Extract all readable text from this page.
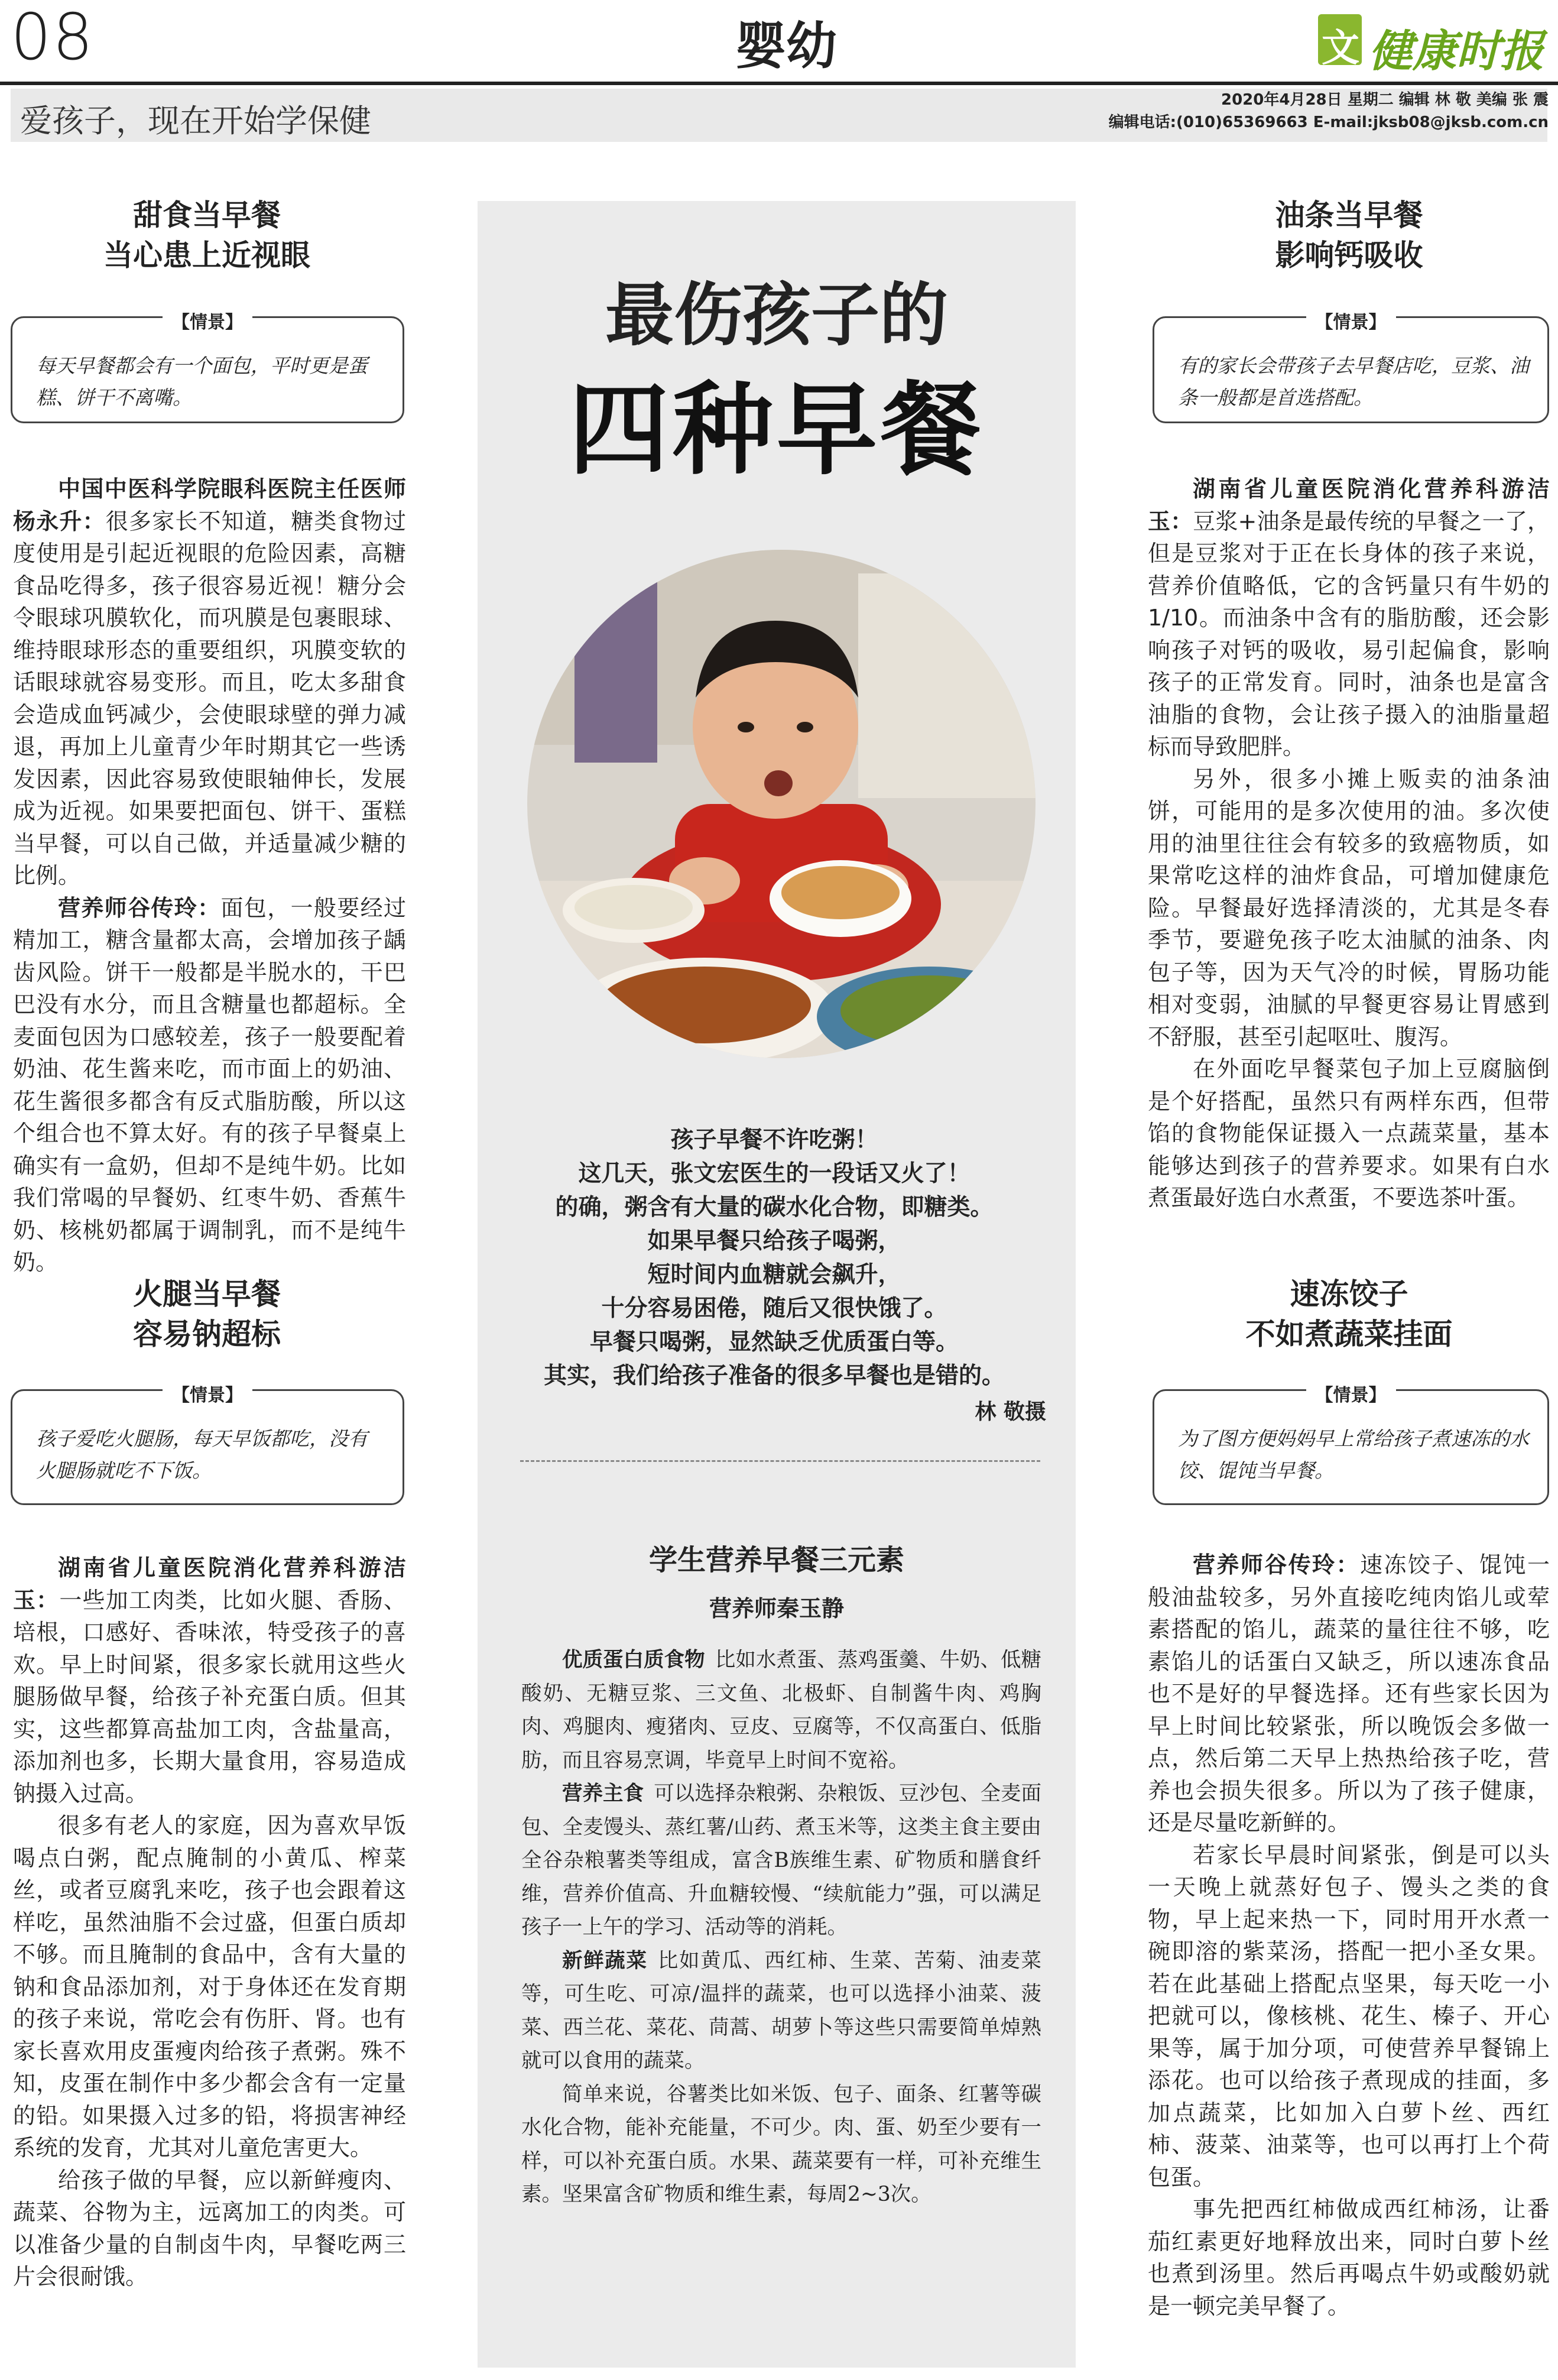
08	婴幼	文 健康时报
爱孩子，现在开始学保健
2020年4月28日 星期二 编辑 林 敬 美编 张 震
编辑电话:(010)65369663 E-mail:jksb08@jksb.com.cn
甜食当早餐
当心患上近视眼
【情景】
每天早餐都会有一个面包，平时更是蛋糕、饼干不离嘴。

中国中医科学院眼科医院主任医师杨永升：很多家长不知道，糖类食物过度使用是引起近视眼的危险因素，高糖食品吃得多，孩子很容易近视！糖分会令眼球巩膜软化，而巩膜是包裹眼球、维持眼球形态的重要组织，巩膜变软的话眼球就容易变形。而且，吃太多甜食会造成血钙减少，会使眼球壁的弹力减退，再加上儿童青少年时期其它一些诱发因素，因此容易致使眼轴伸长，发展成为近视。如果要把面包、饼干、蛋糕当早餐，可以自己做，并适量减少糖的比例。

营养师谷传玲：面包，一般要经过精加工，糖含量都太高，会增加孩子龋齿风险。饼干一般都是半脱水的，干巴巴没有水分，而且含糖量也都超标。全麦面包因为口感较差，孩子一般要配着奶油、花生酱来吃，而市面上的奶油、花生酱很多都含有反式脂肪酸，所以这个组合也不算太好。有的孩子早餐桌上确实有一盒奶，但却不是纯牛奶。比如我们常喝的早餐奶、红枣牛奶、香蕉牛奶、核桃奶都属于调制乳，而不是纯牛奶。

火腿当早餐
容易钠超标
【情景】
孩子爱吃火腿肠，每天早饭都吃，没有火腿肠就吃不下饭。

湖南省儿童医院消化营养科游洁玉：一些加工肉类，比如火腿、香肠、培根，口感好、香味浓，特受孩子的喜欢。早上时间紧，很多家长就用这些火腿肠做早餐，给孩子补充蛋白质。但其实，这些都算高盐加工肉，含盐量高，添加剂也多，长期大量食用，容易造成钠摄入过高。

很多有老人的家庭，因为喜欢早饭喝点白粥，配点腌制的小黄瓜、榨菜丝，或者豆腐乳来吃，孩子也会跟着这样吃，虽然油脂不会过盛，但蛋白质却不够。而且腌制的食品中，含有大量的钠和食品添加剂，对于身体还在发育期的孩子来说，常吃会有伤肝、肾。也有家长喜欢用皮蛋瘦肉给孩子煮粥。殊不知，皮蛋在制作中多少都会含有一定量的铅。如果摄入过多的铅，将损害神经系统的发育，尤其对儿童危害更大。

给孩子做的早餐，应以新鲜瘦肉、蔬菜、谷物为主，远离加工的肉类。可以准备少量的自制卤牛肉，早餐吃两三片会很耐饿。

最伤孩子的
四种早餐
孩子早餐不许吃粥！
这几天，张文宏医生的一段话又火了！
的确，粥含有大量的碳水化合物，即糖类。
如果早餐只给孩子喝粥，
短时间内血糖就会飙升，
十分容易困倦，随后又很快饿了。
早餐只喝粥，显然缺乏优质蛋白等。
其实，我们给孩子准备的很多早餐也是错的。
林 敬摄
学生营养早餐三元素
营养师秦玉静

优质蛋白质食物 比如水煮蛋、蒸鸡蛋羹、牛奶、低糖酸奶、无糖豆浆、三文鱼、北极虾、自制酱牛肉、鸡胸肉、鸡腿肉、瘦猪肉、豆皮、豆腐等，不仅高蛋白、低脂肪，而且容易烹调，毕竟早上时间不宽裕。

营养主食 可以选择杂粮粥、杂粮饭、豆沙包、全麦面包、全麦馒头、蒸红薯/山药、煮玉米等，这类主食主要由全谷杂粮薯类等组成，富含B族维生素、矿物质和膳食纤维，营养价值高、升血糖较慢、“续航能力”强，可以满足孩子一上午的学习、活动等的消耗。

新鲜蔬菜 比如黄瓜、西红柿、生菜、苦菊、油麦菜等，可生吃、可凉/温拌的蔬菜，也可以选择小油菜、菠菜、西兰花、菜花、茼蒿、胡萝卜等这些只需要简单焯熟就可以食用的蔬菜。

简单来说，谷薯类比如米饭、包子、面条、红薯等碳水化合物，能补充能量，不可少。肉、蛋、奶至少要有一样，可以补充蛋白质。水果、蔬菜要有一样，可补充维生素。坚果富含矿物质和维生素，每周2~3次。

油条当早餐
影响钙吸收
【情景】
有的家长会带孩子去早餐店吃，豆浆、油条一般都是首选搭配。

湖南省儿童医院消化营养科游洁玉：豆浆+油条是最传统的早餐之一了，但是豆浆对于正在长身体的孩子来说，营养价值略低，它的含钙量只有牛奶的1/10。而油条中含有的脂肪酸，还会影响孩子对钙的吸收，易引起偏食，影响孩子的正常发育。同时，油条也是富含油脂的食物，会让孩子摄入的油脂量超标而导致肥胖。

另外，很多小摊上贩卖的油条油饼，可能用的是多次使用的油。多次使用的油里往往会有较多的致癌物质，如果常吃这样的油炸食品，可增加健康危险。早餐最好选择清淡的，尤其是冬春季节，要避免孩子吃太油腻的油条、肉包子等，因为天气冷的时候，胃肠功能相对变弱，油腻的早餐更容易让胃感到不舒服，甚至引起呕吐、腹泻。

在外面吃早餐菜包子加上豆腐脑倒是个好搭配，虽然只有两样东西，但带馅的食物能保证摄入一点蔬菜量，基本能够达到孩子的营养要求。如果有白水煮蛋最好选白水煮蛋，不要选茶叶蛋。

速冻饺子
不如煮蔬菜挂面
【情景】
为了图方便妈妈早上常给孩子煮速冻的水饺、馄饨当早餐。

营养师谷传玲：速冻饺子、馄饨一般油盐较多，另外直接吃纯肉馅儿或荤素搭配的馅儿，蔬菜的量往往不够，吃素馅儿的话蛋白又缺乏，所以速冻食品也不是好的早餐选择。还有些家长因为早上时间比较紧张，所以晚饭会多做一点，然后第二天早上热热给孩子吃，营养也会损失很多。所以为了孩子健康，还是尽量吃新鲜的。

若家长早晨时间紧张，倒是可以头一天晚上就蒸好包子、馒头之类的食物，早上起来热一下，同时用开水煮一碗即溶的紫菜汤，搭配一把小圣女果。若在此基础上搭配点坚果，每天吃一小把就可以，像核桃、花生、榛子、开心果等，属于加分项，可使营养早餐锦上添花。也可以给孩子煮现成的挂面，多加点蔬菜，比如加入白萝卜丝、西红柿、菠菜、油菜等，也可以再打上个荷包蛋。

事先把西红柿做成西红柿汤，让番茄红素更好地释放出来，同时白萝卜丝也煮到汤里。然后再喝点牛奶或酸奶就是一顿完美早餐了。
